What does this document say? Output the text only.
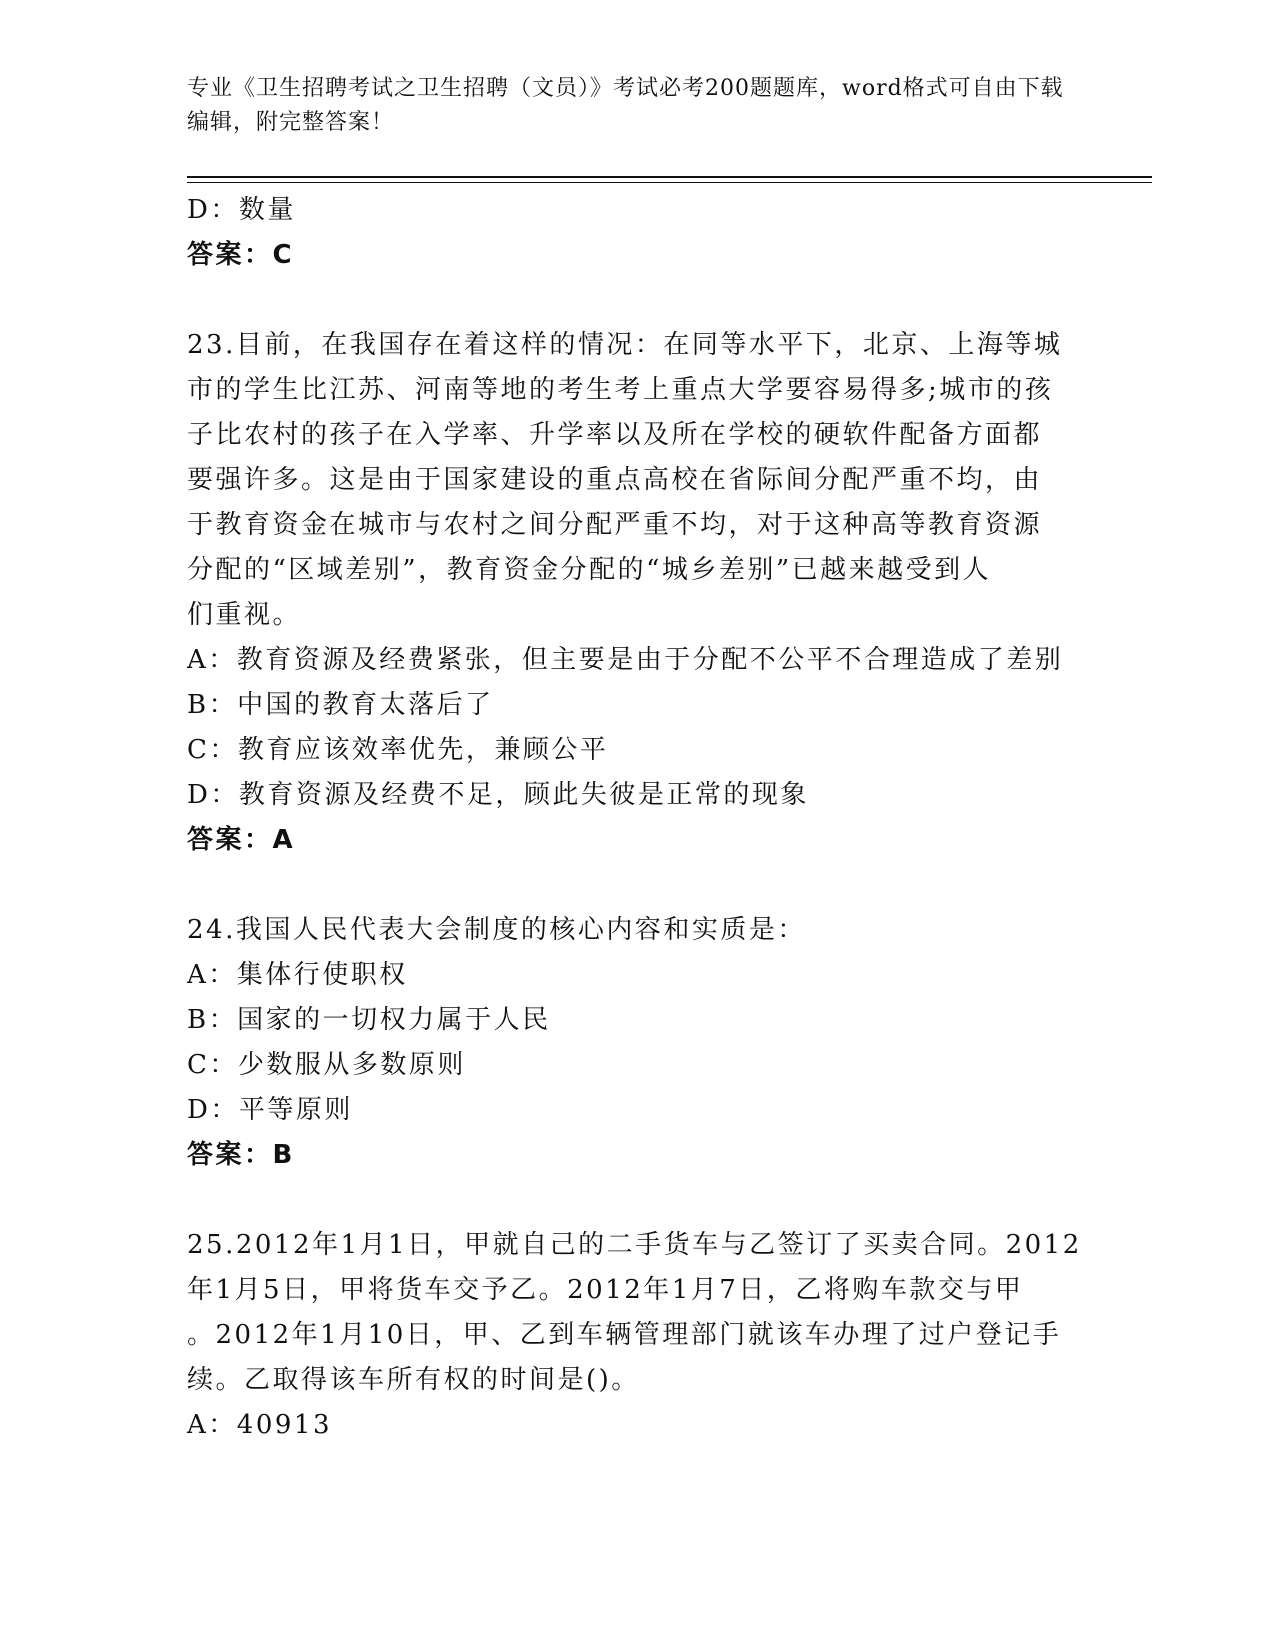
专业《卫生招聘考试之卫生招聘（文员）》考试必考200题题库，word格式可自由下载编辑，附完整答案！
D：数量
答案：C
23.目前，在我国存在着这样的情况：在同等水平下，北京、上海等城
市的学生比江苏、河南等地的考生考上重点大学要容易得多;城市的孩
子比农村的孩子在入学率、升学率以及所在学校的硬软件配备方面都
要强许多。这是由于国家建设的重点高校在省际间分配严重不均，由
于教育资金在城市与农村之间分配严重不均，对于这种高等教育资源
分配的“区域差别”，教育资金分配的“城乡差别”已越来越受到人
们重视。
A：教育资源及经费紧张，但主要是由于分配不公平不合理造成了差别
B：中国的教育太落后了
C：教育应该效率优先，兼顾公平
D：教育资源及经费不足，顾此失彼是正常的现象
答案：A
24.我国人民代表大会制度的核心内容和实质是：
A：集体行使职权
B：国家的一切权力属于人民
C：少数服从多数原则
D：平等原则
答案：B
25.2012年1月1日，甲就自己的二手货车与乙签订了买卖合同。2012
年1月5日，甲将货车交予乙。2012年1月7日，乙将购车款交与甲
。2012年1月10日，甲、乙到车辆管理部门就该车办理了过户登记手
续。乙取得该车所有权的时间是()。
A：40913
